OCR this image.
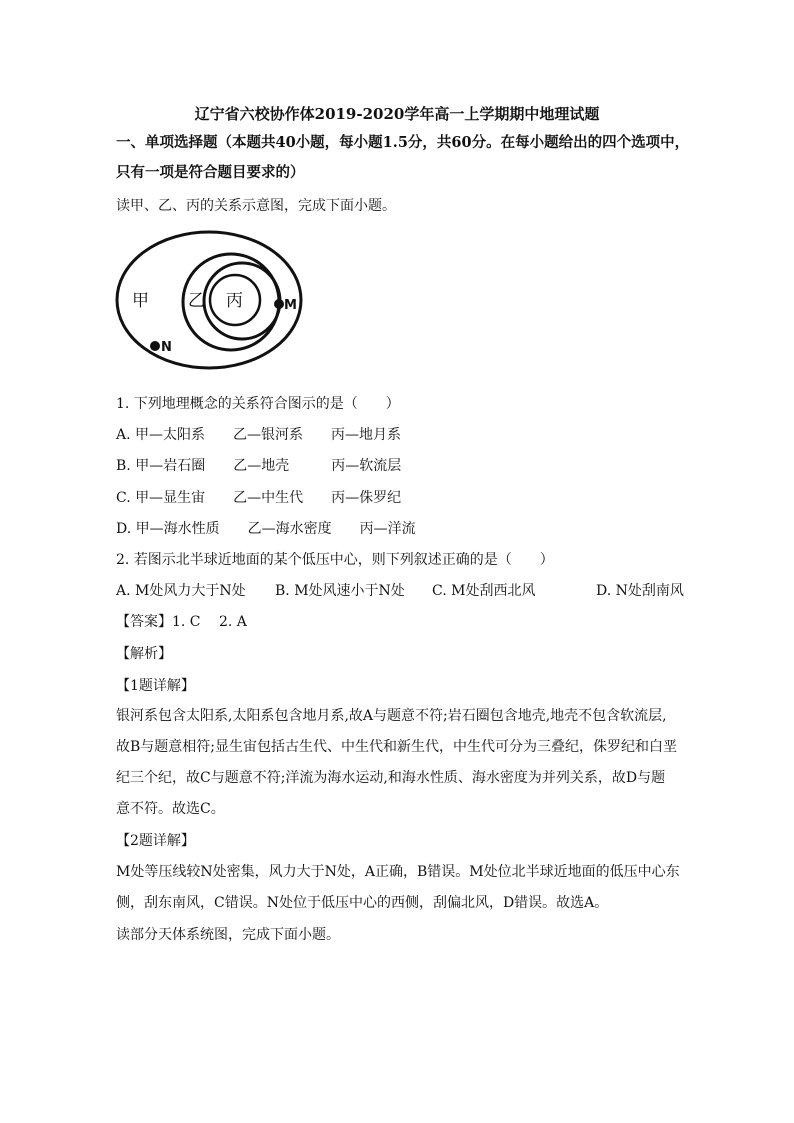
辽宁省六校协作体2019-2020学年高一上学期期中地理试题
一、单项选择题（本题共40小题，每小题1.5分，共60分。在每小题给出的四个选项中，
只有一项是符合题目要求的）
读甲、乙、丙的关系示意图，完成下面小题。
甲 乙 丙	M
N
1. 下列地理概念的关系符合图示的是（　　）
A. 甲—太阳系　　乙—银河系　　丙—地月系
B. 甲—岩石圈　　乙—地壳　　　丙—软流层
C. 甲—显生宙　　乙—中生代　　丙—侏罗纪
D. 甲—海水性质　　乙—海水密度　　丙—洋流
2. 若图示北半球近地面的某个低压中心，则下列叙述正确的是（　　）
A. M处风力大于N处 B. M处风速小于N处 C. M处刮西北风	D. N处刮南风
【答案】1. C　 2. A
【解析】
【1题详解】
银河系包含太阳系,太阳系包含地月系,故A与题意不符;岩石圈包含地壳,地壳不包含软流层,
故B与题意相符;显生宙包括古生代、中生代和新生代，中生代可分为三叠纪，侏罗纪和白垩
纪三个纪，故C与题意不符;洋流为海水运动,和海水性质、海水密度为并列关系，故D与题
意不符。故选C。
【2题详解】
M处等压线较N处密集，风力大于N处，A正确，B错误。M处位北半球近地面的低压中心东
侧，刮东南风，C错误。N处位于低压中心的西侧，刮偏北风，D错误。故选A。
读部分天体系统图，完成下面小题。
